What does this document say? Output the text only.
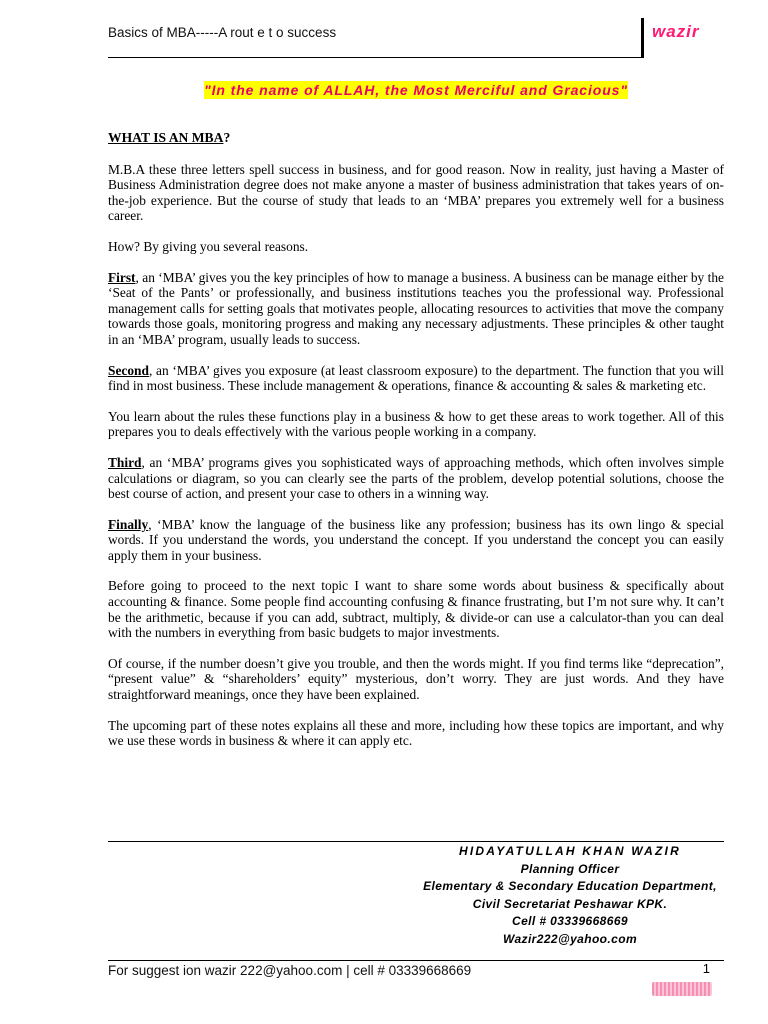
Basics of MBA-----A rout e t o success	wazir
"In the name of ALLAH, the Most Merciful and Gracious"
WHAT IS AN MBA?

M.B.A these three letters spell success in business, and for good reason. Now in reality, just having a Master of Business Administration degree does not make anyone a master of business administration that takes years of on-the-job experience. But the course of study that leads to an ‘MBA’ prepares you extremely well for a business career.

How? By giving you several reasons.

First, an ‘MBA’ gives you the key principles of how to manage a business. A business can be manage either by the ‘Seat of the Pants’ or professionally, and business institutions teaches you the professional way. Professional management calls for setting goals that motivates people, allocating resources to activities that move the company towards those goals, monitoring progress and making any necessary adjustments. These principles & other taught in an ‘MBA’ program, usually leads to success.

Second, an ‘MBA’ gives you exposure (at least classroom exposure) to the department. The function that you will find in most business. These include management & operations, finance & accounting & sales & marketing etc.

You learn about the rules these functions play in a business & how to get these areas to work together. All of this prepares you to deals effectively with the various people working in a company.

Third, an ‘MBA’ programs gives you sophisticated ways of approaching methods, which often involves simple calculations or diagram, so you can clearly see the parts of the problem, develop potential solutions, choose the best course of action, and present your case to others in a winning way.

Finally, ‘MBA’ know the language of the business like any profession; business has its own lingo & special words. If you understand the words, you understand the concept. If you understand the concept you can easily apply them in your business.

Before going to proceed to the next topic I want to share some words about business & specifically about accounting & finance. Some people find accounting confusing & finance frustrating, but I’m not sure why. It can’t be the arithmetic, because if you can add, subtract, multiply, & divide-or can use a calculator-than you can deal with the numbers in everything from basic budgets to major investments.

Of course, if the number doesn’t give you trouble, and then the words might. If you find terms like “deprecation”, “present value” & “shareholders’ equity” mysterious, don’t worry. They are just words. And they have straightforward meanings, once they have been explained.

The upcoming part of these notes explains all these and more, including how these topics are important, and why we use these words in business & where it can apply etc.

HIDAYATULLAH KHAN WAZIR
Planning Officer
Elementary & Secondary Education Department,
Civil Secretariat Peshawar KPK.
Cell # 03339668669
Wazir222@yahoo.com
For suggest ion wazir 222@yahoo.com | cell # 03339668669	1
